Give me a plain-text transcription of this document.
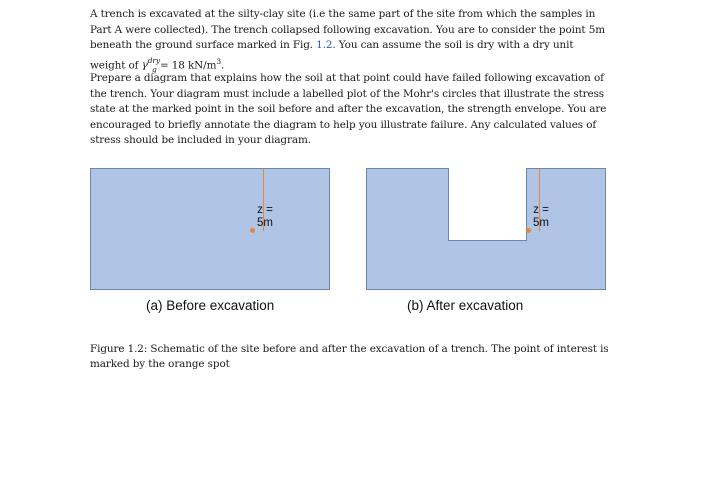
A trench is excavated at the silty-clay site (i.e the same part of the site from which the samples in Part A were collected). The trench collapsed following excavation. You are to consider the point 5m beneath the ground surface marked in Fig. 1.2. You can assume the soil is dry with a dry unit weight of $\gamma^{dry}_g = 18$ $kN/m^3$.
Prepare a diagram that explains how the soil at that point could have failed following excavation of the trench. Your diagram must include a labelled plot of the Mohr's circles that illustrate the stress state at the marked point in the soil before and after the excavation, the strength envelope. You are encouraged to briefly annotate the diagram to help you illustrate failure. Any calculated values of stress should be included in your diagram.
z =
5m
z =
5m
(a) Before excavation	(b) After excavation
Figure 1.2: Schematic of the site before and after the excavation of a trench. The point of interest is marked by the orange spot
